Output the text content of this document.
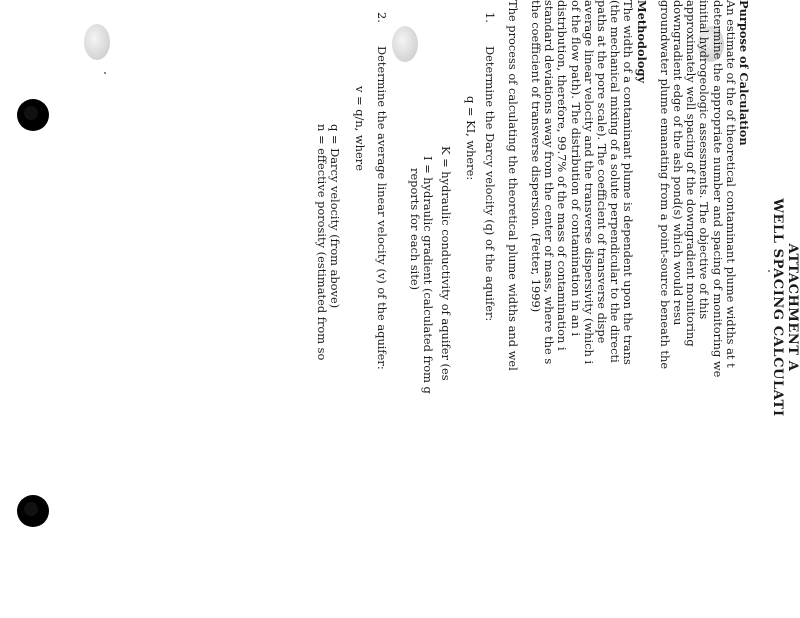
ATTACHMENT A
WELL SPACING CALCULATI
Purpose of Calculation
An estimate of the of theoretical contaminant plume widths at t
determine the appropriate number and spacing of monitoring we
initial hydrogeologic assessments. The objective of this
approximately well spacing of the downgradient monitoring
downgradient edge of the ash pond(s) which would resu
groundwater plume emanating from a point-source beneath the
Methodology
The width of a contaminant plume is dependent upon the trans
(the mechanical mixing of a solute perpendicular to the directi
paths at the pore scale). The coefficient of transverse dispe
average linear velocity and the transverse dispersivity (which i
of the flow path). The distribution of contamination in an i
distribution, therefore, 99.7% of the mass of contamination i
standard deviations away from the center of mass, where the s
the coefficient of transverse dispersion. (Fetter, 1999)
The process of calculating the theoretical plume widths and wel
1.
Determine the Darcy velocity (q) of the aquifer:
q = KI, where:
K = hydraulic conductivity of aquifer (es
I = hydraulic gradient (calculated from g
reports for each site)
2.
Determine the average linear velocity (v) of the aquifer:
v = q/n, where
q = Darcy velocity (from above)
n = effective porosity (estimated from so
